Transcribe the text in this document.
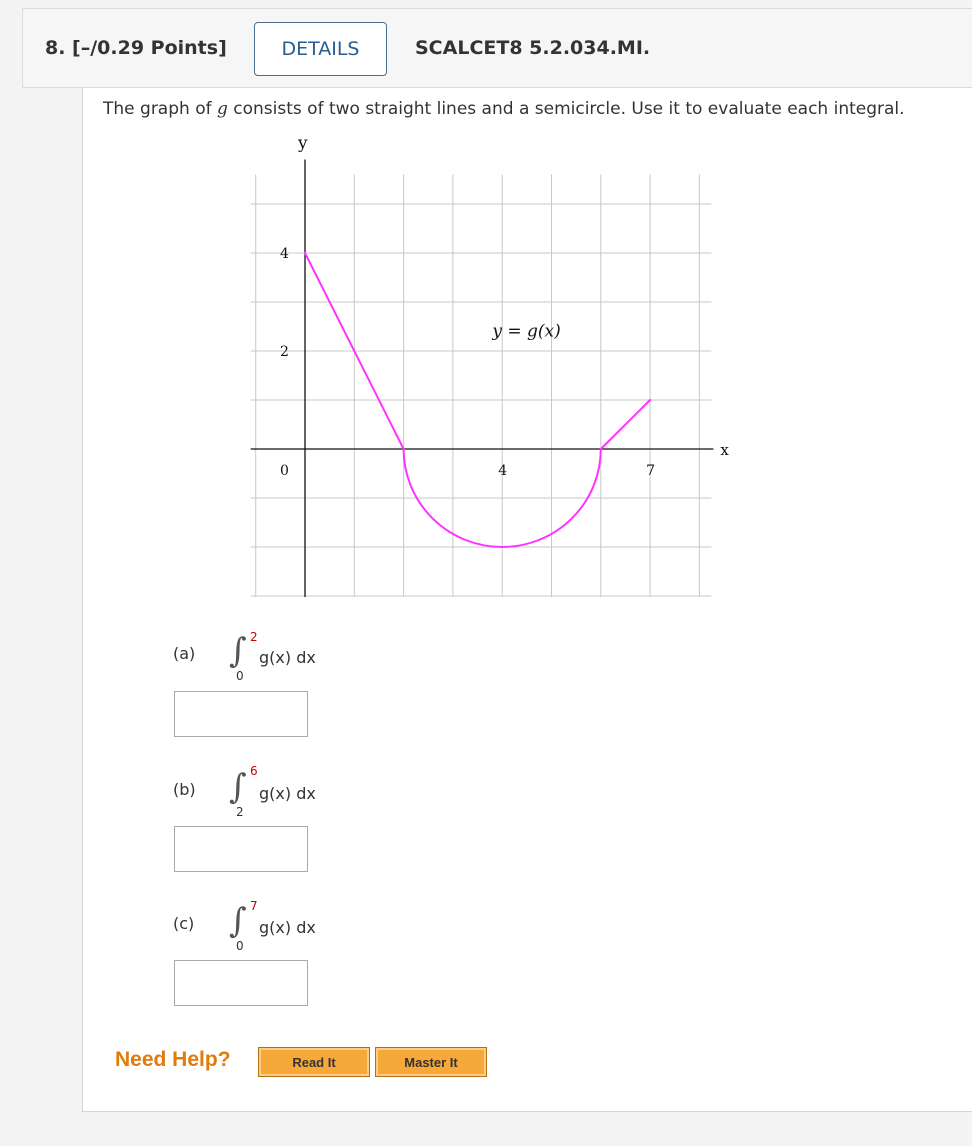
8. [–/0.29 Points]	DETAILS	SCALCET8 5.2.034.MI.
The graph of g consists of two straight lines and a semicircle. Use it to evaluate each integral.
y
x
0
2
4
4	7
y = g(x)
(a) ∫ 2
0
g(x) dx
(b) ∫ 6
2
g(x) dx
(c) ∫ 7
0
g(x) dx
Need Help?	Read It	Master It
